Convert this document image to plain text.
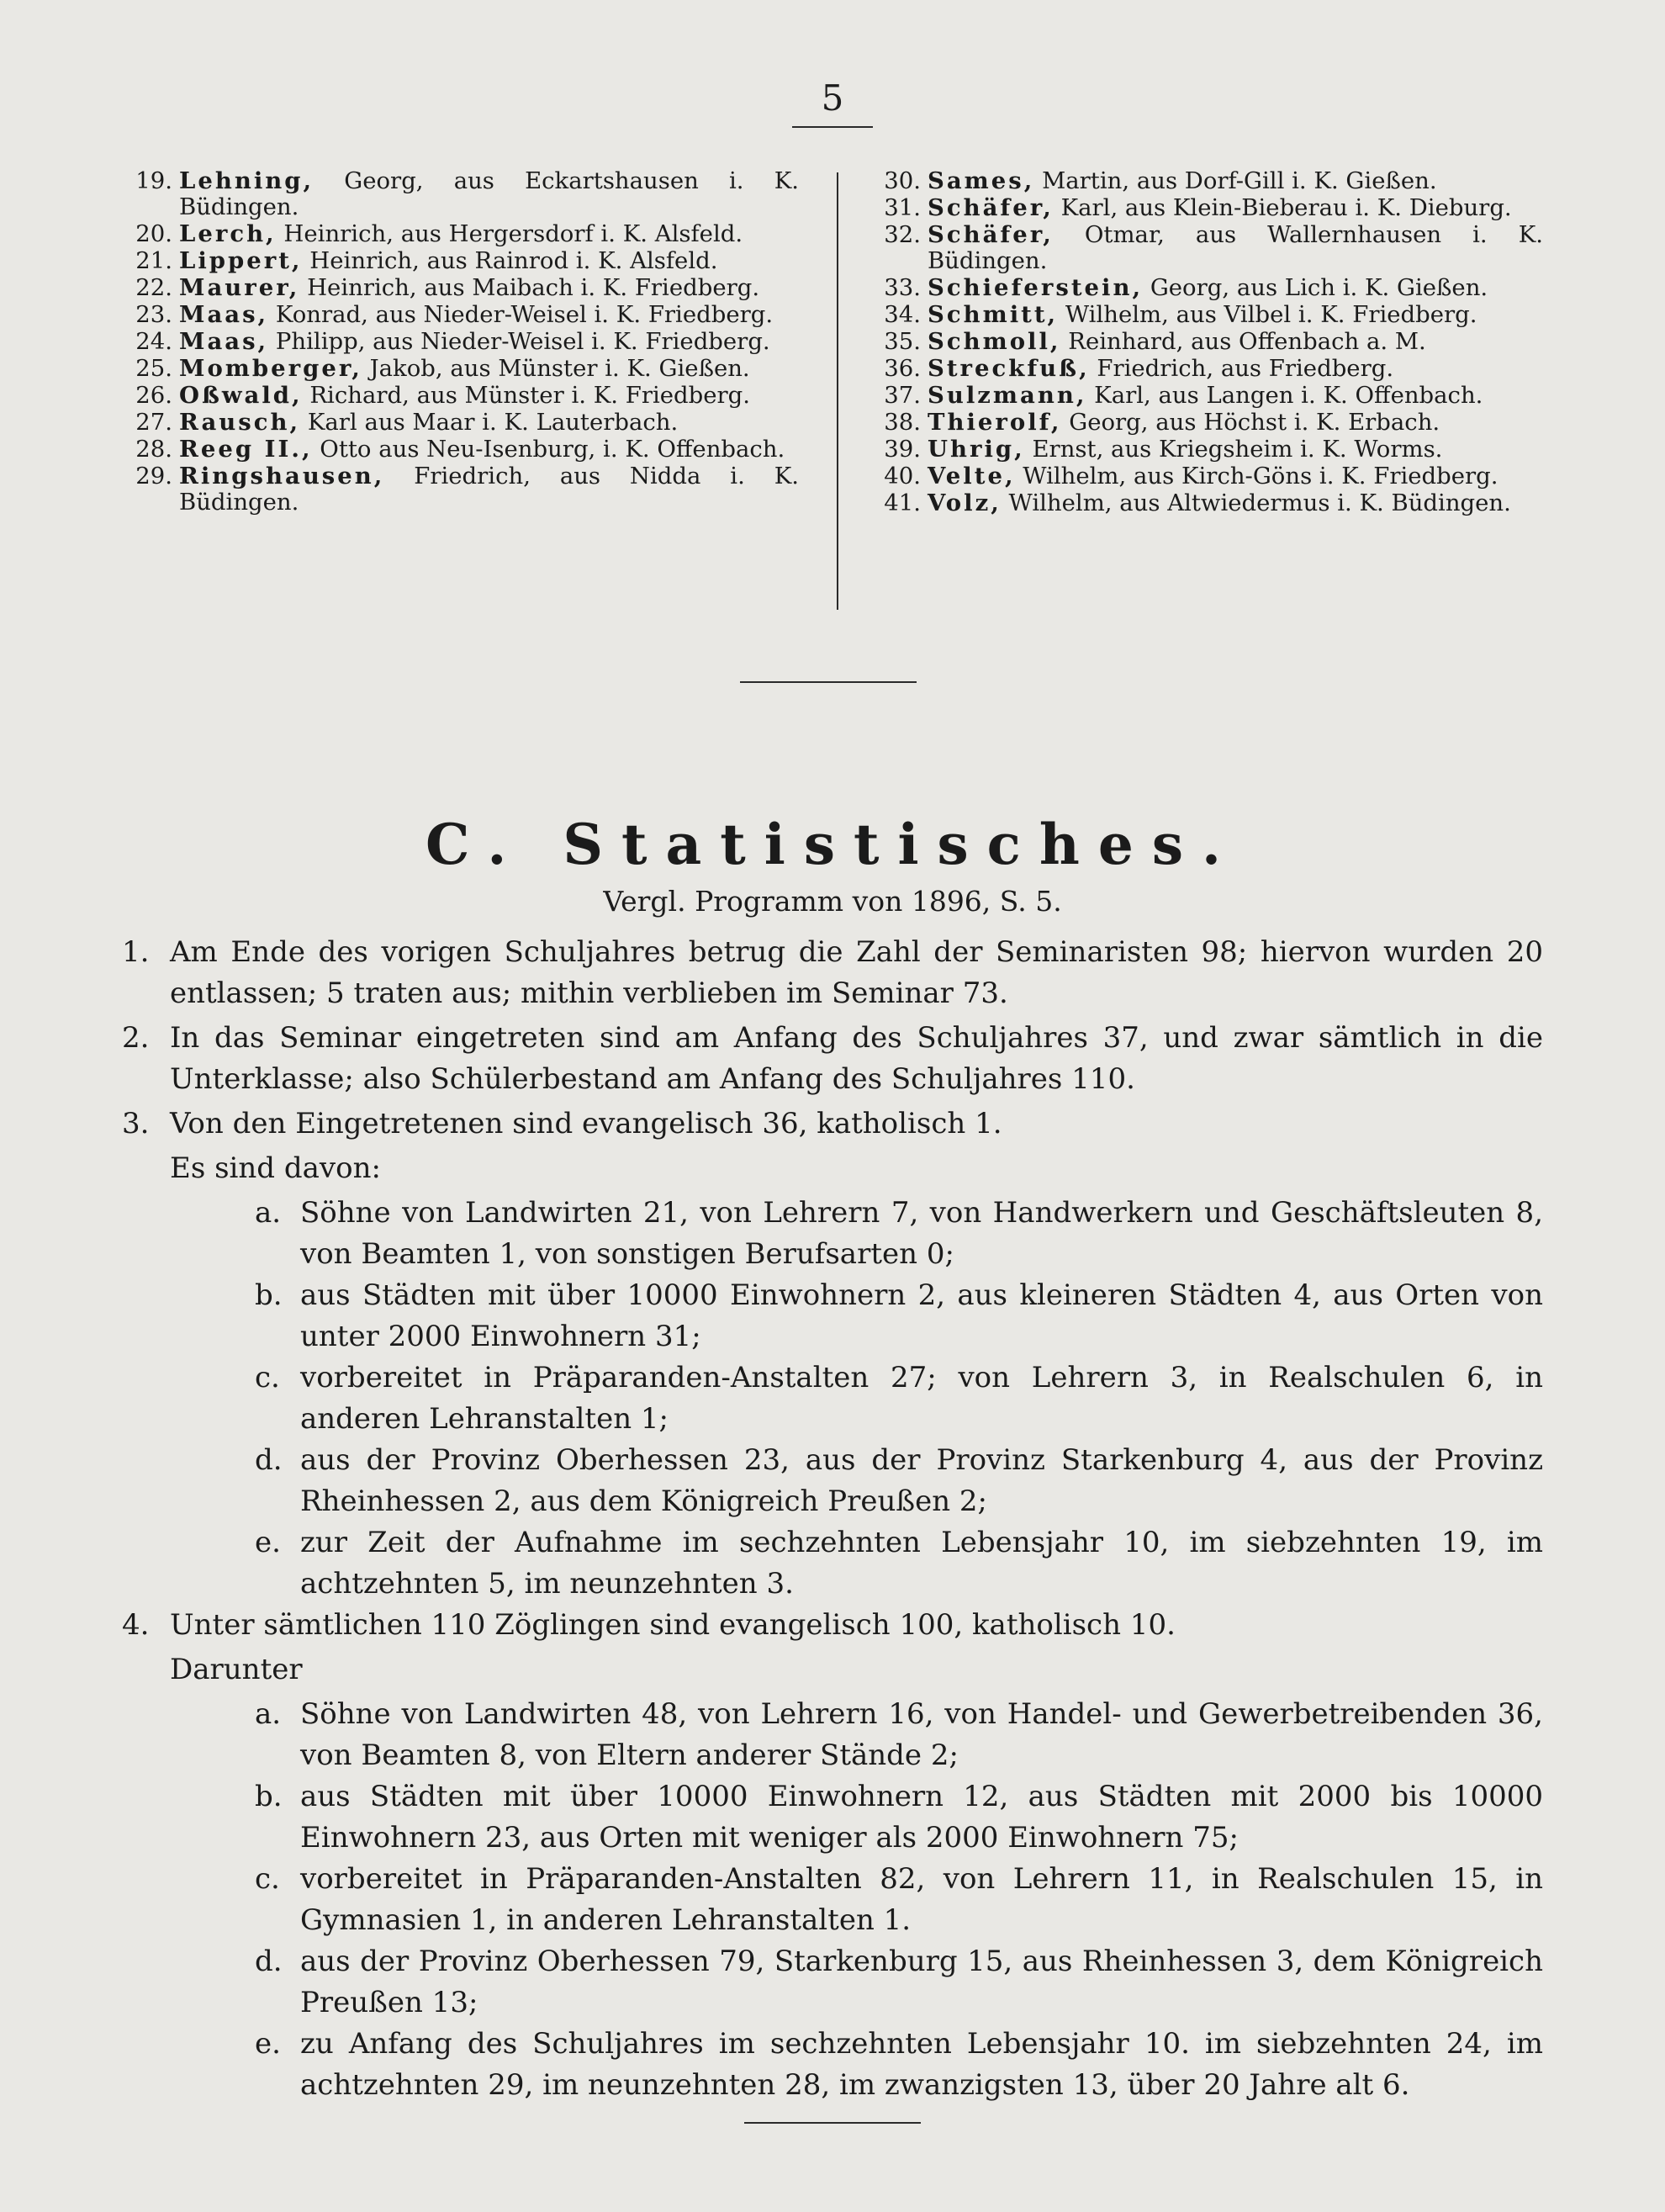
5
19. Lehning, Georg, aus Eckartshausen i. K. Büdingen.
20. Lerch, Heinrich, aus Hergersdorf i. K. Alsfeld.
21. Lippert, Heinrich, aus Rainrod i. K. Alsfeld.
22. Maurer, Heinrich, aus Maibach i. K. Friedberg.
23. Maas, Konrad, aus Nieder-Weisel i. K. Friedberg.
24. Maas, Philipp, aus Nieder-Weisel i. K. Friedberg.
25. Momberger, Jakob, aus Münster i. K. Gießen.
26. Oßwald, Richard, aus Münster i. K. Friedberg.
27. Rausch, Karl aus Maar i. K. Lauterbach.
28. Reeg II., Otto aus Neu-Isenburg, i. K. Offenbach.
29. Ringshausen, Friedrich, aus Nidda i. K. Büdingen.
30. Sames, Martin, aus Dorf-Gill i. K. Gießen.
31. Schäfer, Karl, aus Klein-Bieberau i. K. Dieburg.
32. Schäfer, Otmar, aus Wallernhausen i. K. Büdingen.
33. Schieferstein, Georg, aus Lich i. K. Gießen.
34. Schmitt, Wilhelm, aus Vilbel i. K. Friedberg.
35. Schmoll, Reinhard, aus Offenbach a. M.
36. Streckfuß, Friedrich, aus Friedberg.
37. Sulzmann, Karl, aus Langen i. K. Offenbach.
38. Thierolf, Georg, aus Höchst i. K. Erbach.
39. Uhrig, Ernst, aus Kriegsheim i. K. Worms.
40. Velte, Wilhelm, aus Kirch-Göns i. K. Friedberg.
41. Volz, Wilhelm, aus Altwiedermus i. K. Büdingen.
C. Statistisches.
Vergl. Programm von 1896, S. 5.
1. Am Ende des vorigen Schuljahres betrug die Zahl der Seminaristen 98; hiervon wurden 20 entlassen; 5 traten aus; mithin verblieben im Seminar 73.
2. In das Seminar eingetreten sind am Anfang des Schuljahres 37, und zwar sämtlich in die Unterklasse; also Schülerbestand am Anfang des Schuljahres 110.
3. Von den Eingetretenen sind evangelisch 36, katholisch 1.
Es sind davon:
a. Söhne von Landwirten 21, von Lehrern 7, von Handwerkern und Geschäftsleuten 8, von Beamten 1, von sonstigen Berufsarten 0;
b. aus Städten mit über 10000 Einwohnern 2, aus kleineren Städten 4, aus Orten von unter 2000 Einwohnern 31;
c. vorbereitet in Präparanden-Anstalten 27; von Lehrern 3, in Realschulen 6, in anderen Lehranstalten 1;
d. aus der Provinz Oberhessen 23, aus der Provinz Starkenburg 4, aus der Provinz Rheinhessen 2, aus dem Königreich Preußen 2;
e. zur Zeit der Aufnahme im sechzehnten Lebensjahr 10, im siebzehnten 19, im achtzehnten 5, im neunzehnten 3.
4. Unter sämtlichen 110 Zöglingen sind evangelisch 100, katholisch 10.
Darunter
a. Söhne von Landwirten 48, von Lehrern 16, von Handel- und Gewerbetreibenden 36, von Beamten 8, von Eltern anderer Stände 2;
b. aus Städten mit über 10000 Einwohnern 12, aus Städten mit 2000 bis 10000 Einwohnern 23, aus Orten mit weniger als 2000 Einwohnern 75;
c. vorbereitet in Präparanden-Anstalten 82, von Lehrern 11, in Realschulen 15, in Gymnasien 1, in anderen Lehranstalten 1.
d. aus der Provinz Oberhessen 79, Starkenburg 15, aus Rheinhessen 3, dem Königreich Preußen 13;
e. zu Anfang des Schuljahres im sechzehnten Lebensjahr 10. im siebzehnten 24, im achtzehnten 29, im neunzehnten 28, im zwanzigsten 13, über 20 Jahre alt 6.
